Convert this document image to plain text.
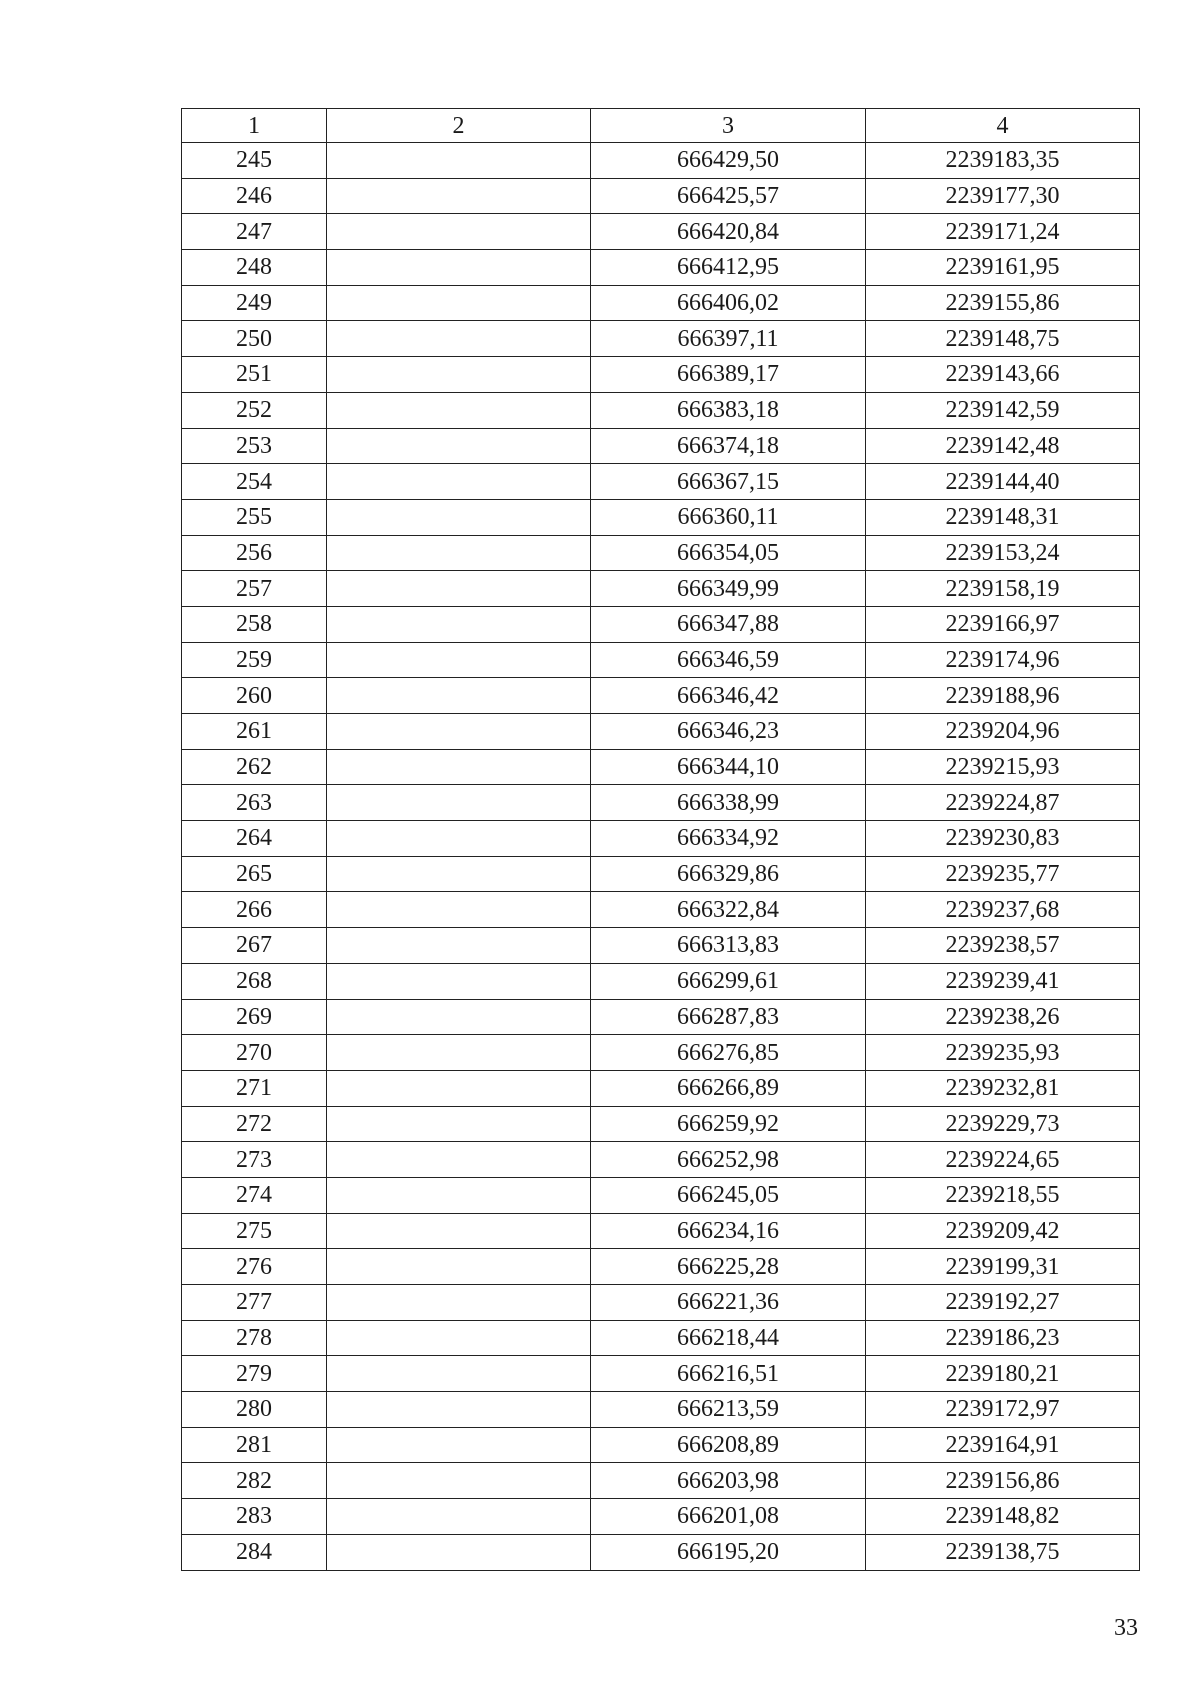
1	2	3	4
245		666429,50	2239183,35
246		666425,57	2239177,30
247		666420,84	2239171,24
248		666412,95	2239161,95
249		666406,02	2239155,86
250		666397,11	2239148,75
251		666389,17	2239143,66
252		666383,18	2239142,59
253		666374,18	2239142,48
254		666367,15	2239144,40
255		666360,11	2239148,31
256		666354,05	2239153,24
257		666349,99	2239158,19
258		666347,88	2239166,97
259		666346,59	2239174,96
260		666346,42	2239188,96
261		666346,23	2239204,96
262		666344,10	2239215,93
263		666338,99	2239224,87
264		666334,92	2239230,83
265		666329,86	2239235,77
266		666322,84	2239237,68
267		666313,83	2239238,57
268		666299,61	2239239,41
269		666287,83	2239238,26
270		666276,85	2239235,93
271		666266,89	2239232,81
272		666259,92	2239229,73
273		666252,98	2239224,65
274		666245,05	2239218,55
275		666234,16	2239209,42
276		666225,28	2239199,31
277		666221,36	2239192,27
278		666218,44	2239186,23
279		666216,51	2239180,21
280		666213,59	2239172,97
281		666208,89	2239164,91
282		666203,98	2239156,86
283		666201,08	2239148,82
284		666195,20	2239138,75
33
